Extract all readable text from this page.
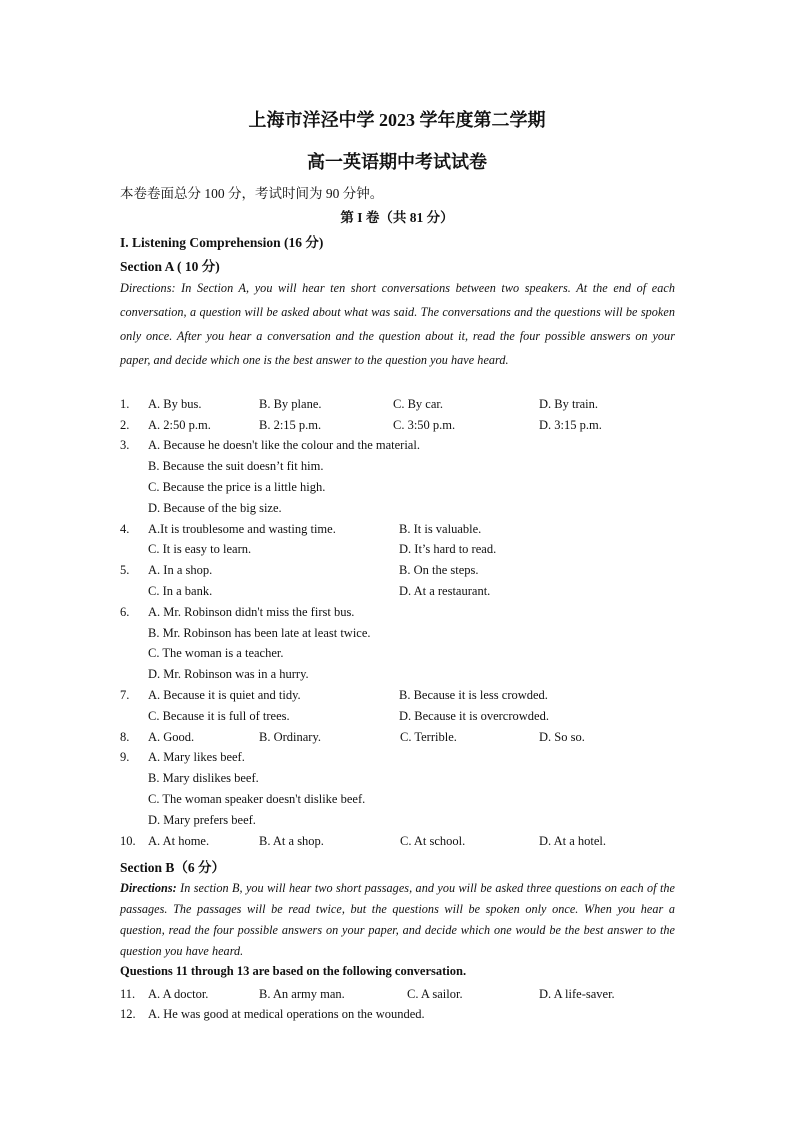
上海市洋泾中学 2023 学年度第二学期
高一英语期中考试试卷
本卷卷面总分 100 分，考试时间为 90 分钟。
第 I 卷（共 81 分）
I. Listening Comprehension (16 分)
Section A ( 10 分)
Directions: In Section A, you will hear ten short conversations between two speakers. At the end of each conversation, a question will be asked about what was said. The conversations and the questions will be spoken only once. After you hear a conversation and the question about it, read the four possible answers on your paper, and decide which one is the best answer to the question you have heard.
1. A. By bus.	B. By plane.	C. By car.	D. By train.
2. A. 2:50 p.m.	B. 2:15 p.m.	C. 3:50 p.m.	D. 3:15 p.m.
3. A. Because he doesn't like the colour and the material.
B. Because the suit doesn’t fit him.
C. Because the price is a little high.
D. Because of the big size.
4. A.It is troublesome and wasting time.	B. It is valuable.
C. It is easy to learn.	D. It’s hard to read.
5. A. In a shop.	B. On the steps.
C. In a bank.	D. At a restaurant.
6. A. Mr. Robinson didn't miss the first bus.
B. Mr. Robinson has been late at least twice.
C. The woman is a teacher.
D. Mr. Robinson was in a hurry.
7. A. Because it is quiet and tidy.	B. Because it is less crowded.
C. Because it is full of trees.	D. Because it is overcrowded.
8. A. Good.	B. Ordinary.	C. Terrible.	D. So so.
9. A. Mary likes beef.
B. Mary dislikes beef.
C. The woman speaker doesn't dislike beef.
D. Mary prefers beef.
10. A. At home.	B. At a shop.	C. At school.	D. At a hotel.
Section B（6 分）
Directions: In section B, you will hear two short passages, and you will be asked three questions on each of the passages. The passages will be read twice, but the questions will be spoken only once. When you hear a question, read the four possible answers on your paper, and decide which one would be the best answer to the question you have heard.
Questions 11 through 13 are based on the following conversation.
11. A. A doctor.	B. An army man.	C. A sailor.	D. A life-saver.
12. A. He was good at medical operations on the wounded.
